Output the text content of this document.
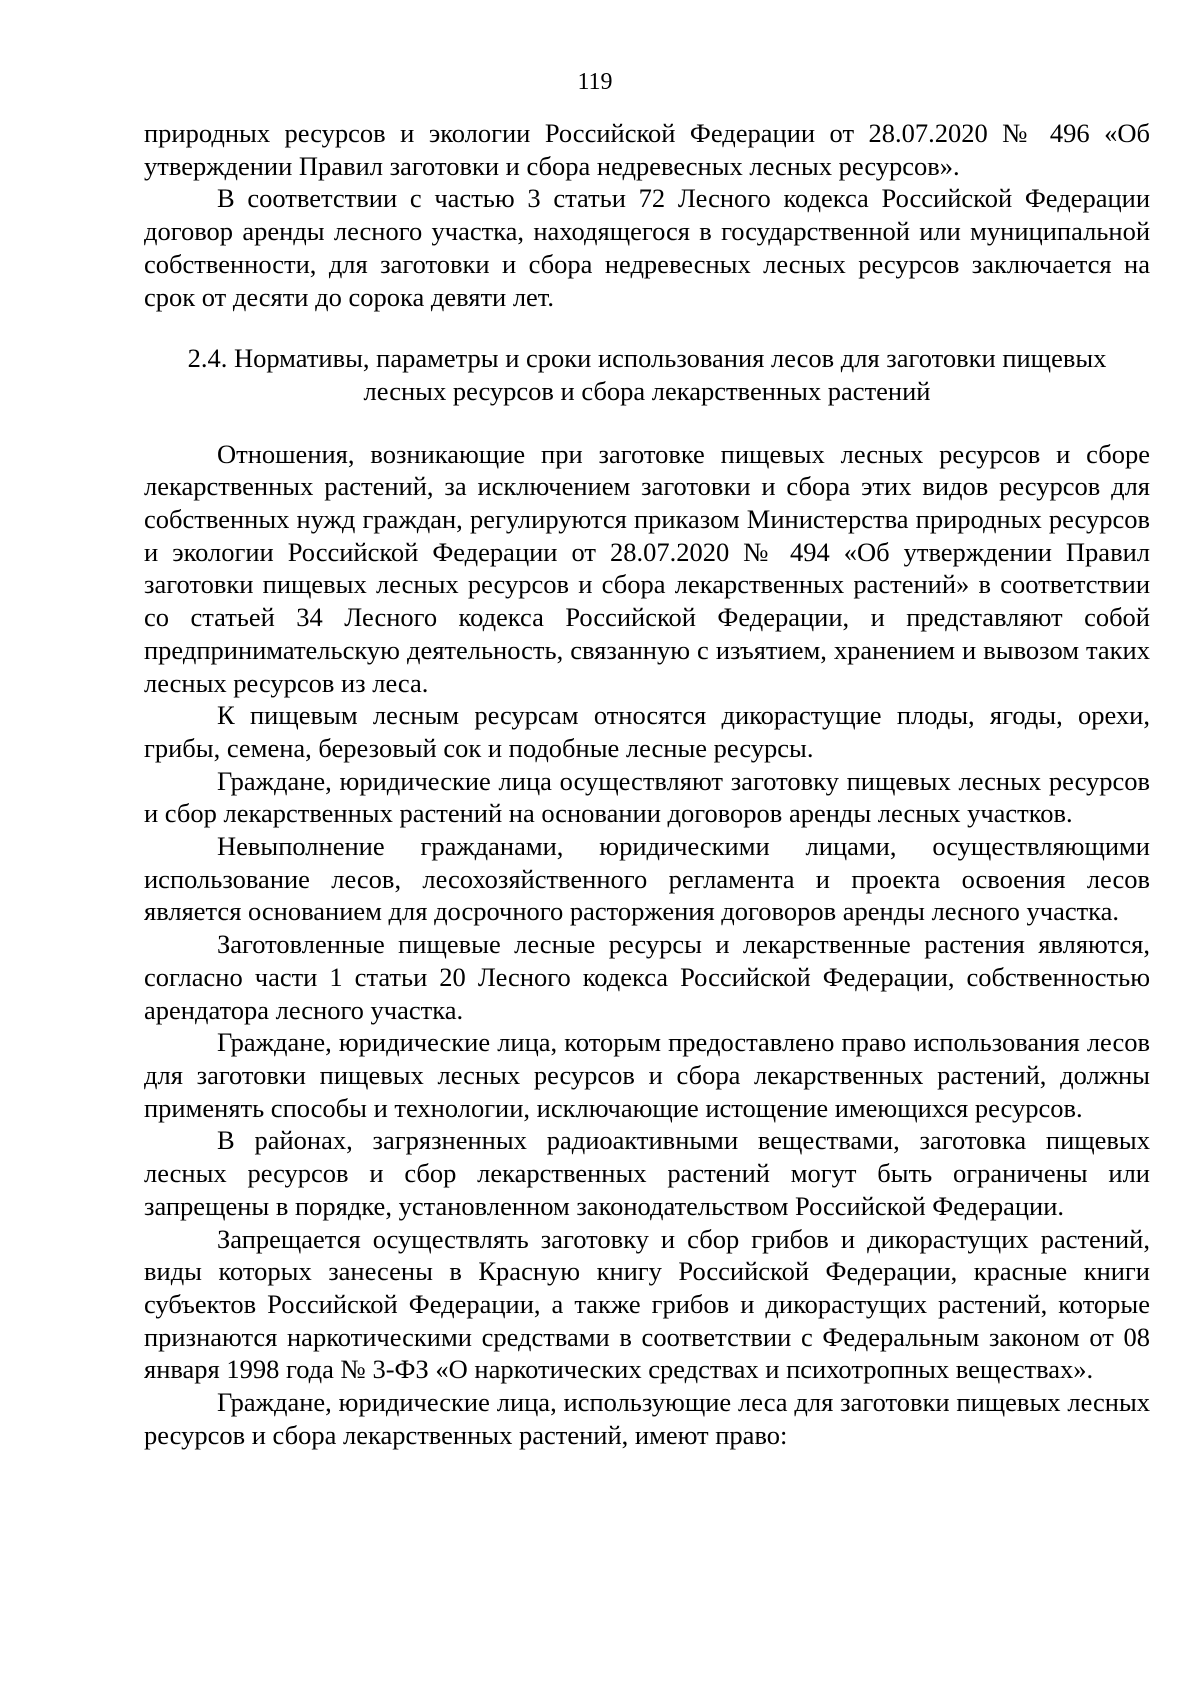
119

природных ресурсов и экологии Российской Федерации от 28.07.2020 № 496 «Об утверждении Правил заготовки и сбора недревесных лесных ресурсов».

В соответствии с частью 3 статьи 72 Лесного кодекса Российской Федерации договор аренды лесного участка, находящегося в государственной или муниципальной собственности, для заготовки и сбора недревесных лесных ресурсов заключается на срок от десяти до сорока девяти лет.

2.4. Нормативы, параметры и сроки использования лесов для заготовки пищевых лесных ресурсов и сбора лекарственных растений

Отношения, возникающие при заготовке пищевых лесных ресурсов и сборе лекарственных растений, за исключением заготовки и сбора этих видов ресурсов для собственных нужд граждан, регулируются приказом Министерства природных ресурсов и экологии Российской Федерации от 28.07.2020 № 494 «Об утверждении Правил заготовки пищевых лесных ресурсов и сбора лекарственных растений» в соответствии со статьей 34 Лесного кодекса Российской Федерации, и представляют собой предпринимательскую деятельность, связанную с изъятием, хранением и вывозом таких лесных ресурсов из леса.

К пищевым лесным ресурсам относятся дикорастущие плоды, ягоды, орехи, грибы, семена, березовый сок и подобные лесные ресурсы.

Граждане, юридические лица осуществляют заготовку пищевых лесных ресурсов и сбор лекарственных растений на основании договоров аренды лесных участков.

Невыполнение гражданами, юридическими лицами, осуществляющими использование лесов, лесохозяйственного регламента и проекта освоения лесов является основанием для досрочного расторжения договоров аренды лесного участка.

Заготовленные пищевые лесные ресурсы и лекарственные растения являются, согласно части 1 статьи 20 Лесного кодекса Российской Федерации, собственностью арендатора лесного участка.

Граждане, юридические лица, которым предоставлено право использования лесов для заготовки пищевых лесных ресурсов и сбора лекарственных растений, должны применять способы и технологии, исключающие истощение имеющихся ресурсов.

В районах, загрязненных радиоактивными веществами, заготовка пищевых лесных ресурсов и сбор лекарственных растений могут быть ограничены или запрещены в порядке, установленном законодательством Российской Федерации.

Запрещается осуществлять заготовку и сбор грибов и дикорастущих растений, виды которых занесены в Красную книгу Российской Федерации, красные книги субъектов Российской Федерации, а также грибов и дикорастущих растений, которые признаются наркотическими средствами в соответствии с Федеральным законом от 08 января 1998 года № 3-ФЗ «О наркотических средствах и психотропных веществах».

Граждане, юридические лица, использующие леса для заготовки пищевых лесных ресурсов и сбора лекарственных растений, имеют право:
